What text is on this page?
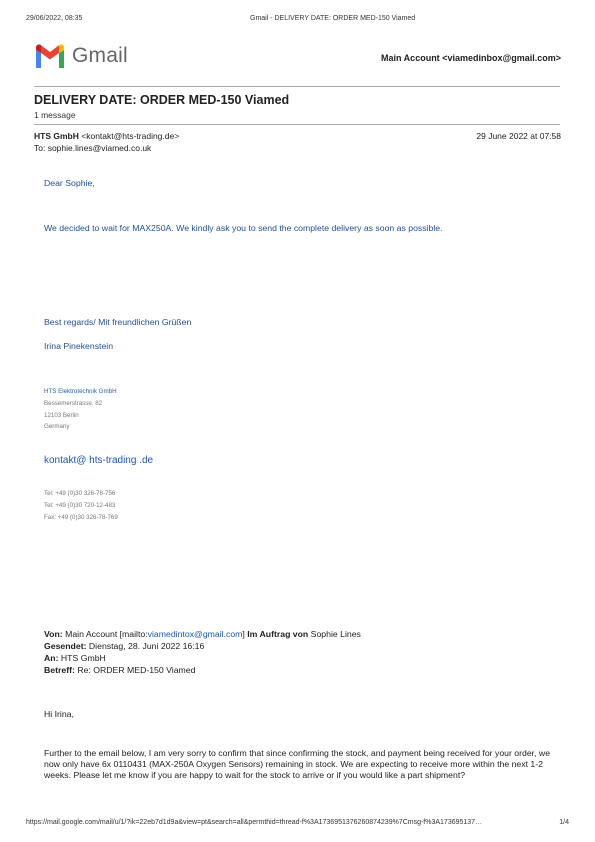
29/06/2022, 08:35	Gmail - DELIVERY DATE: ORDER MED-150 Viamed
Gmail	Main Account <viamedinbox@gmail.com>
DELIVERY DATE: ORDER MED-150 Viamed
1 message
HTS GmbH <kontakt@hts-trading.de>	29 June 2022 at 07:58
To: sophie.lines@viamed.co.uk
Dear Sophie,
We decided to wait for MAX250A. We kindly ask you to send the complete delivery as soon as possible.
Best regards/ Mit freundlichen Grüßen
Irina Pinekenstein
HTS Elektrotechnik GmbH
Bessemerstrasse. 82
12103 Berlin
Germany
kontakt@ hts-trading .de
Tel: +49 (0)30 326-78-756
Tel: +49 (0)30 720-12-483
Fax: +49 (0)30 326-78-769
Von: Main Account [mailto:viamedintox@gmail.com] Im Auftrag von Sophie Lines
Gesendet: Dienstag, 28. Juni 2022 16:16
An: HTS GmbH
Betreff: Re: ORDER MED-150 Viamed
Hi Irina,
Further to the email below, I am very sorry to confirm that since confirming the stock, and payment being received for your order, we now only have 6x 0110431 (MAX-250A Oxygen Sensors) remaining in stock. We are expecting to receive more within the next 1-2 weeks. Please let me know if you are happy to wait for the stock to arrive or if you would like a part shipment?
https://mail.google.com/mail/u/1/?ik=22eb7d1d9a&view=pt&search=all&permthid=thread-f%3A1736951376260874239%7Cmsg-f%3A173695137…	1/4
